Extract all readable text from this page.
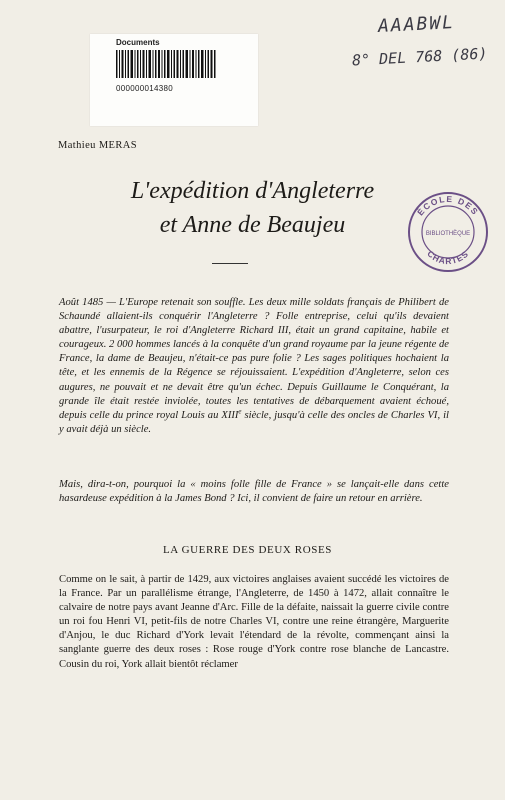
Documents
000000014380
AAABWL
8° DEL 768 (86)
ÉCOLE DES
BIBLIOTHÈQUE
CHARTES
Mathieu MERAS
L'expédition d'Angleterre
et Anne de Beaujeu
Août 1485 — L'Europe retenait son souffle. Les deux mille soldats français de Philibert de Schaundé allaient-ils conquérir l'Angleterre ? Folle entreprise, celui qu'ils devaient abattre, l'usurpateur, le roi d'Angleterre Richard III, était un grand capitaine, habile et courageux. 2 000 hommes lancés à la conquête d'un grand royaume par la jeune régente de France, la dame de Beaujeu, n'était-ce pas pure folie ? Les sages politiques hochaient la tête, et les ennemis de la Régence se réjouissaient. L'expédition d'Angleterre, selon ces augures, ne pouvait et ne devait être qu'un échec. Depuis Guillaume le Conquérant, la grande île était restée inviolée, toutes les tentatives de débarquement avaient échoué, depuis celle du prince royal Louis au XIIIe siècle, jusqu'à celle des oncles de Charles VI, il y avait déjà un siècle.
Mais, dira-t-on, pourquoi la « moins folle fille de France » se lançait-elle dans cette hasardeuse expédition à la James Bond ? Ici, il convient de faire un retour en arrière.
LA GUERRE DES DEUX ROSES
Comme on le sait, à partir de 1429, aux victoires anglaises avaient succédé les victoires de la France. Par un parallélisme étrange, l'Angleterre, de 1450 à 1472, allait connaître le calvaire de notre pays avant Jeanne d'Arc. Fille de la défaite, naissait la guerre civile contre un roi fou Henri VI, petit-fils de notre Charles VI, contre une reine étrangère, Marguerite d'Anjou, le duc Richard d'York levait l'étendard de la révolte, commençant ainsi la sanglante guerre des deux roses : Rose rouge d'York contre rose blanche de Lancastre. Cousin du roi, York allait bientôt réclamer
